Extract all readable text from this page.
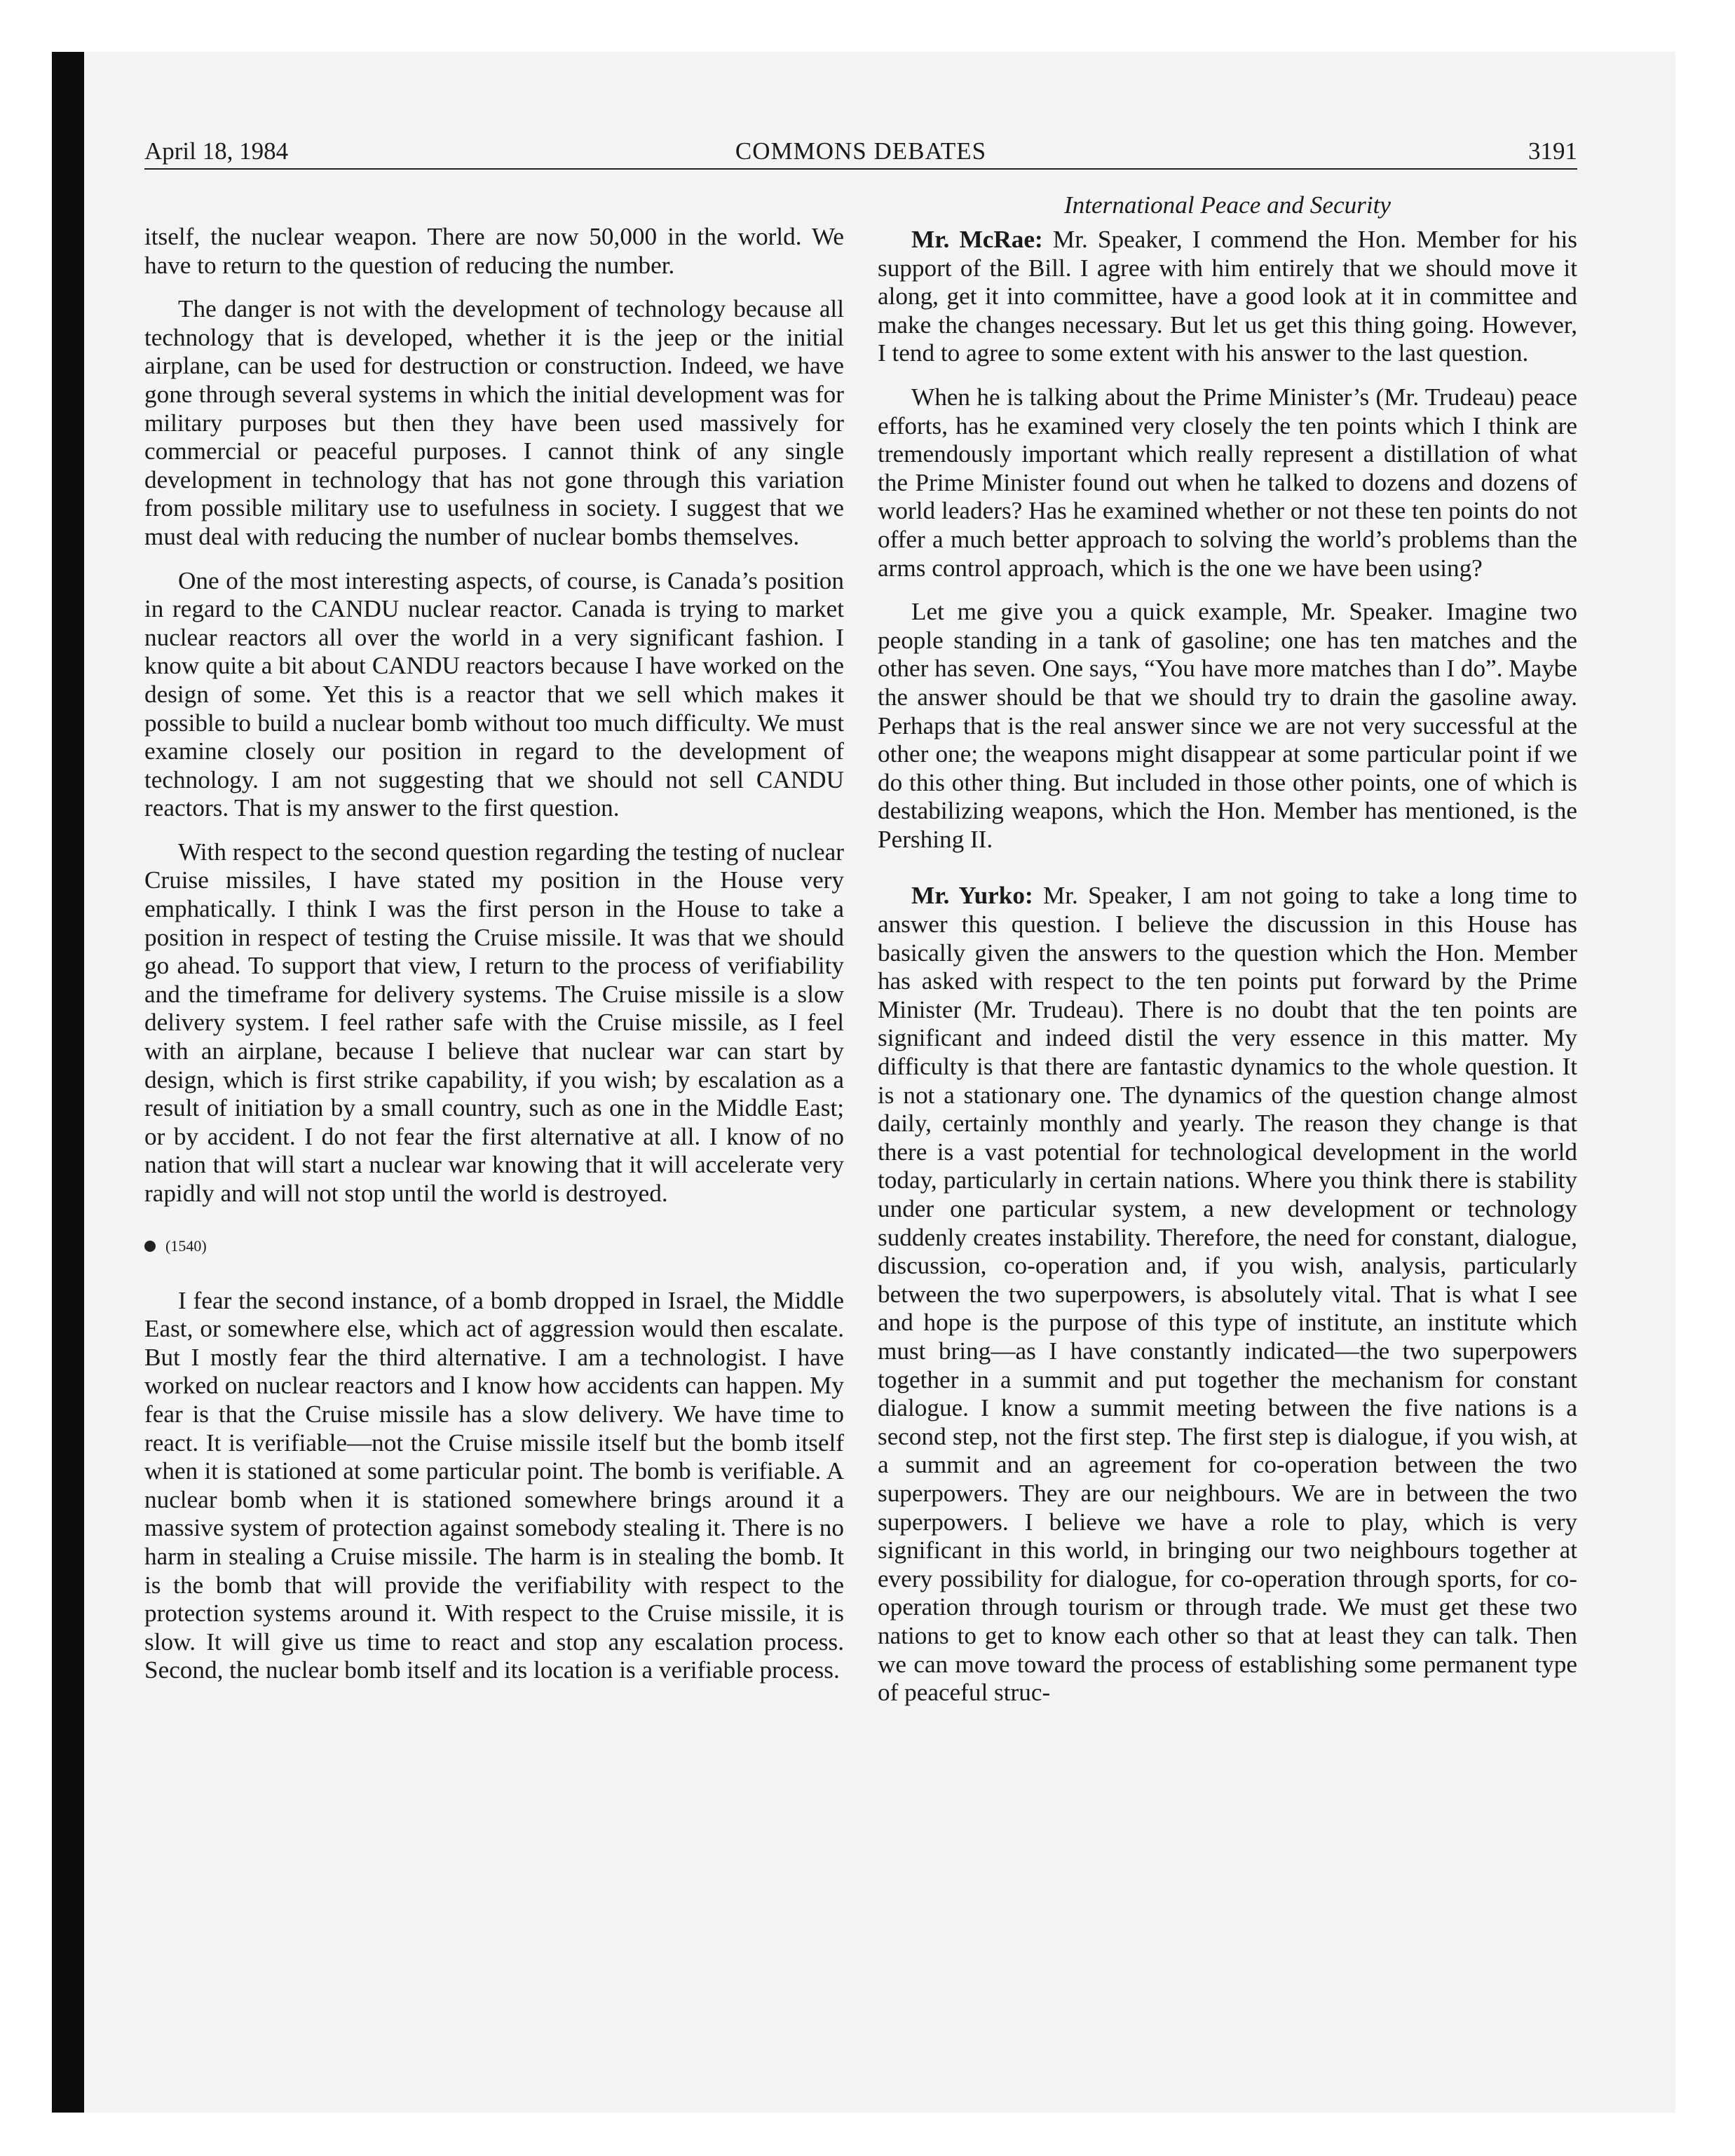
April 18, 1984	COMMONS DEBATES	3191

itself, the nuclear weapon. There are now 50,000 in the world. We have to return to the question of reducing the number.

The danger is not with the development of technology because all technology that is developed, whether it is the jeep or the initial airplane, can be used for destruction or construction. Indeed, we have gone through several systems in which the initial development was for military purposes but then they have been used massively for commercial or peaceful purposes. I cannot think of any single development in technology that has not gone through this variation from possible military use to usefulness in society. I suggest that we must deal with reducing the number of nuclear bombs themselves.

One of the most interesting aspects, of course, is Canada’s position in regard to the CANDU nuclear reactor. Canada is trying to market nuclear reactors all over the world in a very significant fashion. I know quite a bit about CANDU reactors because I have worked on the design of some. Yet this is a reactor that we sell which makes it possible to build a nuclear bomb without too much difficulty. We must examine closely our position in regard to the development of technology. I am not suggesting that we should not sell CANDU reactors. That is my answer to the first question.

With respect to the second question regarding the testing of nuclear Cruise missiles, I have stated my position in the House very emphatically. I think I was the first person in the House to take a position in respect of testing the Cruise missile. It was that we should go ahead. To support that view, I return to the process of verifiability and the timeframe for delivery systems. The Cruise missile is a slow delivery system. I feel rather safe with the Cruise missile, as I feel with an airplane, because I believe that nuclear war can start by design, which is first strike capability, if you wish; by escalation as a result of initiation by a small country, such as one in the Middle East; or by accident. I do not fear the first alternative at all. I know of no nation that will start a nuclear war knowing that it will accelerate very rapidly and will not stop until the world is destroyed.

(1540)

I fear the second instance, of a bomb dropped in Israel, the Middle East, or somewhere else, which act of aggression would then escalate. But I mostly fear the third alternative. I am a technologist. I have worked on nuclear reactors and I know how accidents can happen. My fear is that the Cruise missile has a slow delivery. We have time to react. It is verifiable—not the Cruise missile itself but the bomb itself when it is stationed at some particular point. The bomb is verifiable. A nuclear bomb when it is stationed somewhere brings around it a massive system of protection against somebody stealing it. There is no harm in stealing a Cruise missile. The harm is in stealing the bomb. It is the bomb that will provide the verifiability with respect to the protection systems around it. With respect to the Cruise missile, it is slow. It will give us time to react and stop any escalation process. Second, the nuclear bomb itself and its location is a verifiable process.

International Peace and Security

Mr. McRae: Mr. Speaker, I commend the Hon. Member for his support of the Bill. I agree with him entirely that we should move it along, get it into committee, have a good look at it in committee and make the changes necessary. But let us get this thing going. However, I tend to agree to some extent with his answer to the last question.

When he is talking about the Prime Minister’s (Mr. Trudeau) peace efforts, has he examined very closely the ten points which I think are tremendously important which really represent a distillation of what the Prime Minister found out when he talked to dozens and dozens of world leaders? Has he examined whether or not these ten points do not offer a much better approach to solving the world’s problems than the arms control approach, which is the one we have been using?

Let me give you a quick example, Mr. Speaker. Imagine two people standing in a tank of gasoline; one has ten matches and the other has seven. One says, “You have more matches than I do”. Maybe the answer should be that we should try to drain the gasoline away. Perhaps that is the real answer since we are not very successful at the other one; the weapons might disappear at some particular point if we do this other thing. But included in those other points, one of which is destabilizing weapons, which the Hon. Member has mentioned, is the Pershing II.

Mr. Yurko: Mr. Speaker, I am not going to take a long time to answer this question. I believe the discussion in this House has basically given the answers to the question which the Hon. Member has asked with respect to the ten points put forward by the Prime Minister (Mr. Trudeau). There is no doubt that the ten points are significant and indeed distil the very essence in this matter. My difficulty is that there are fantastic dynamics to the whole question. It is not a stationary one. The dynamics of the question change almost daily, certainly monthly and yearly. The reason they change is that there is a vast potential for technological development in the world today, particularly in certain nations. Where you think there is stability under one particular system, a new development or technology suddenly creates instability. Therefore, the need for constant, dialogue, discussion, co-operation and, if you wish, analysis, particularly between the two superpowers, is absolutely vital. That is what I see and hope is the purpose of this type of institute, an institute which must bring—as I have constantly indicated—the two superpowers together in a summit and put together the mechanism for constant dialogue. I know a summit meeting between the five nations is a second step, not the first step. The first step is dialogue, if you wish, at a summit and an agreement for co-operation between the two superpowers. They are our neighbours. We are in between the two superpowers. I believe we have a role to play, which is very significant in this world, in bringing our two neighbours together at every possibility for dialogue, for co-operation through sports, for co-operation through tourism or through trade. We must get these two nations to get to know each other so that at least they can talk. Then we can move toward the process of establishing some permanent type of peaceful struc-
